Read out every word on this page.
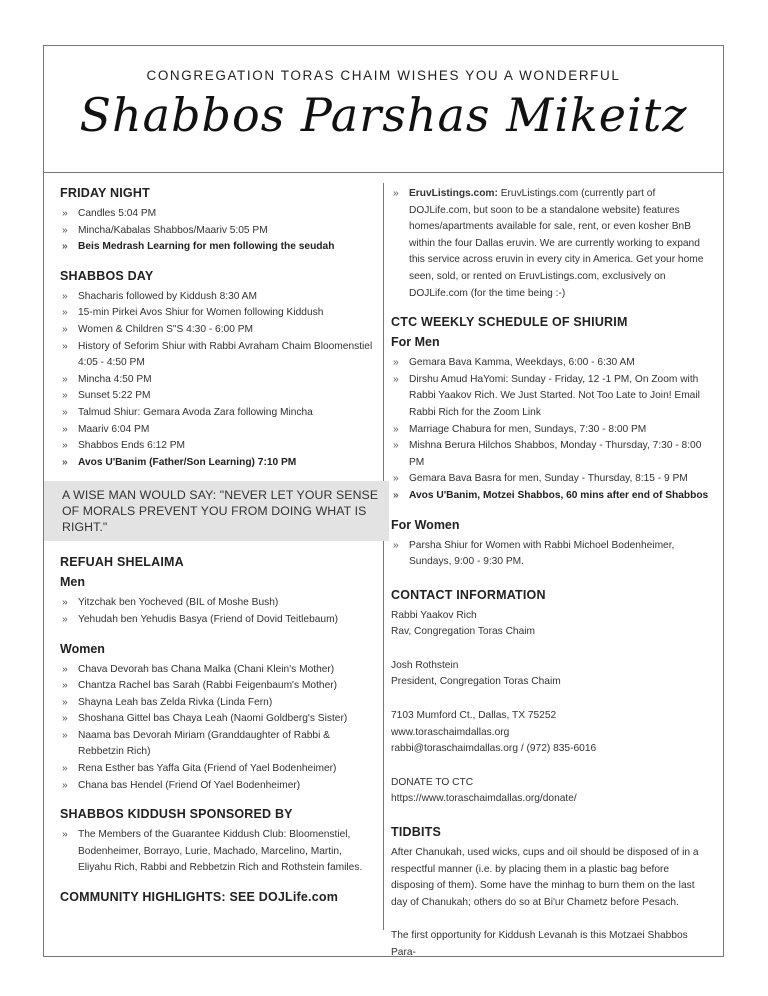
CONGREGATION TORAS CHAIM WISHES YOU A WONDERFUL
Shabbos Parshas Mikeitz
FRIDAY NIGHT
» Candles 5:04 PM
» Mincha/Kabalas Shabbos/Maariv 5:05 PM
» Beis Medrash Learning for men following the seudah
SHABBOS DAY
» Shacharis followed by Kiddush 8:30 AM
» 15-min Pirkei Avos Shiur for Women following Kiddush
» Women & Children S"S 4:30 - 6:00 PM
» History of Seforim Shiur with Rabbi Avraham Chaim Bloomenstiel 4:05 - 4:50 PM
» Mincha 4:50 PM
» Sunset 5:22 PM
» Talmud Shiur: Gemara Avoda Zara following Mincha
» Maariv 6:04 PM
» Shabbos Ends 6:12 PM
» Avos U'Banim (Father/Son Learning) 7:10 PM
A WISE MAN WOULD SAY: "NEVER LET YOUR SENSE OF MORALS PREVENT YOU FROM DOING WHAT IS RIGHT."
REFUAH SHELAIMA
Men
» Yitzchak ben Yocheved (BIL of Moshe Bush)
» Yehudah ben Yehudis Basya (Friend of Dovid Teitlebaum)
Women
» Chava Devorah bas Chana Malka (Chani Klein's Mother)
» Chantza Rachel bas Sarah (Rabbi Feigenbaum's Mother)
» Shayna Leah bas Zelda Rivka (Linda Fern)
» Shoshana Gittel bas Chaya Leah (Naomi Goldberg's Sister)
» Naama bas Devorah Miriam (Granddaughter of Rabbi & Rebbetzin Rich)
» Rena Esther bas Yaffa Gita (Friend of Yael Bodenheimer)
» Chana bas Hendel (Friend Of Yael Bodenheimer)
SHABBOS KIDDUSH SPONSORED BY
» The Members of the Guarantee Kiddush Club: Bloomenstiel, Bodenheimer, Borrayo, Lurie, Machado, Marcelino, Martin, Eliyahu Rich, Rabbi and Rebbetzin Rich and Rothstein familes.
COMMUNITY HIGHLIGHTS: SEE DOJLife.com
» EruvListings.com: EruvListings.com (currently part of DOJLife.com, but soon to be a standalone website) features homes/apartments available for sale, rent, or even kosher BnB within the four Dallas eruvin. We are currently working to expand this service across eruvin in every city in America. Get your home seen, sold, or rented on EruvListings.com, exclusively on DOJLife.com (for the time being :-)
CTC WEEKLY SCHEDULE OF SHIURIM
For Men
» Gemara Bava Kamma, Weekdays, 6:00 - 6:30 AM
» Dirshu Amud HaYomi: Sunday - Friday, 12 -1 PM, On Zoom with Rabbi Yaakov Rich. We Just Started. Not Too Late to Join! Email Rabbi Rich for the Zoom Link
» Marriage Chabura for men, Sundays, 7:30 - 8:00 PM
» Mishna Berura Hilchos Shabbos, Monday - Thursday, 7:30 - 8:00 PM
» Gemara Bava Basra for men, Sunday - Thursday, 8:15 - 9 PM
» Avos U'Banim, Motzei Shabbos, 60 mins after end of Shabbos
For Women
» Parsha Shiur for Women with Rabbi Michoel Bodenheimer, Sundays, 9:00 - 9:30 PM.
CONTACT INFORMATION
Rabbi Yaakov Rich
Rav, Congregation Toras Chaim
Josh Rothstein
President, Congregation Toras Chaim
7103 Mumford Ct., Dallas, TX 75252
www.toraschaimdallas.org
rabbi@toraschaimdallas.org / (972) 835-6016
DONATE TO CTC
https://www.toraschaimdallas.org/donate/
TIDBITS
After Chanukah, used wicks, cups and oil should be disposed of in a respectful manner (i.e. by placing them in a plastic bag before disposing of them). Some have the minhag to burn them on the last day of Chanukah; others do so at Bi'ur Chametz before Pesach.
The first opportunity for Kiddush Levanah is this Motzaei Shabbos Para-
